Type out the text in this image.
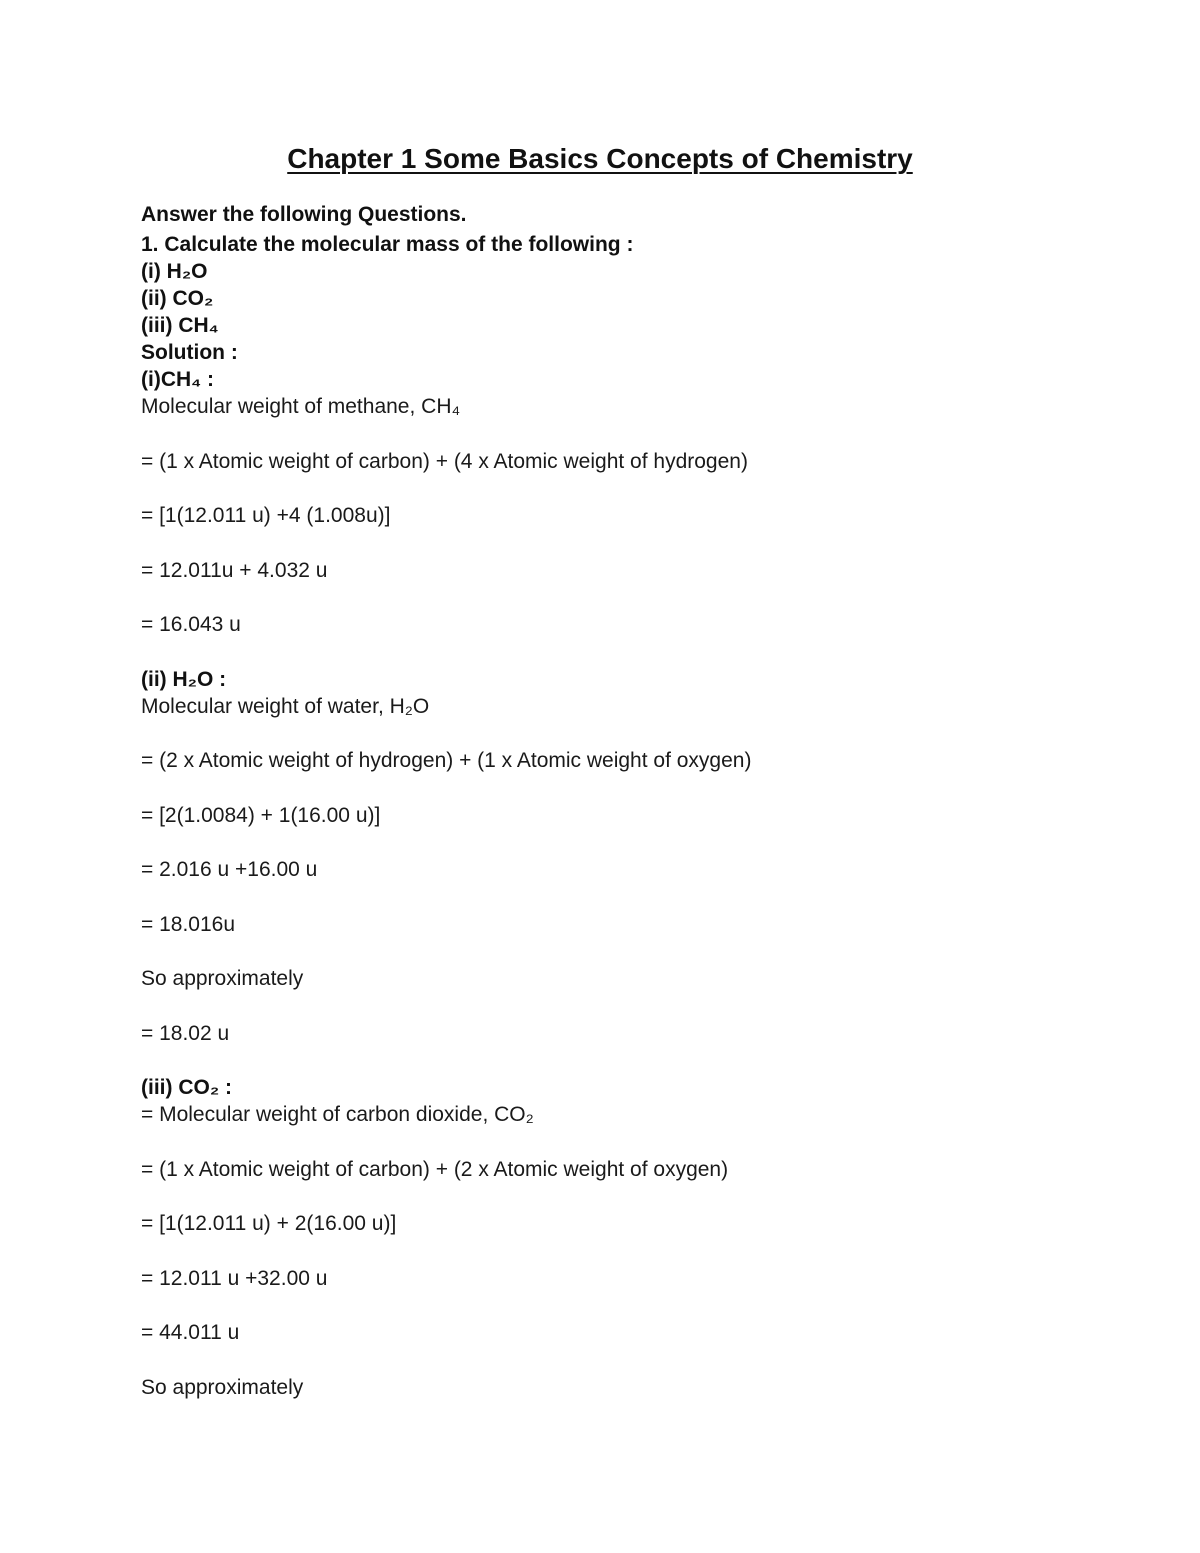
Chapter 1 Some Basics Concepts of Chemistry
Answer the following Questions.
1. Calculate the molecular mass of the following :
(i) H₂O
(ii) CO₂
(iii) CH₄
Solution :
(i)CH₄ :
Molecular weight of methane, CH₄
= (1 x Atomic weight of carbon) + (4 x Atomic weight of hydrogen)
= [1(12.011 u) +4 (1.008u)]
= 12.011u + 4.032 u
= 16.043 u
(ii) H₂O :
Molecular weight of water, H₂O
= (2 x Atomic weight of hydrogen) + (1 x Atomic weight of oxygen)
= [2(1.0084) + 1(16.00 u)]
= 2.016 u +16.00 u
= 18.016u
So approximately
= 18.02 u
(iii) CO₂ :
= Molecular weight of carbon dioxide, CO₂
= (1 x Atomic weight of carbon) + (2 x Atomic weight of oxygen)
= [1(12.011 u) + 2(16.00 u)]
= 12.011 u +32.00 u
= 44.011 u
So approximately
